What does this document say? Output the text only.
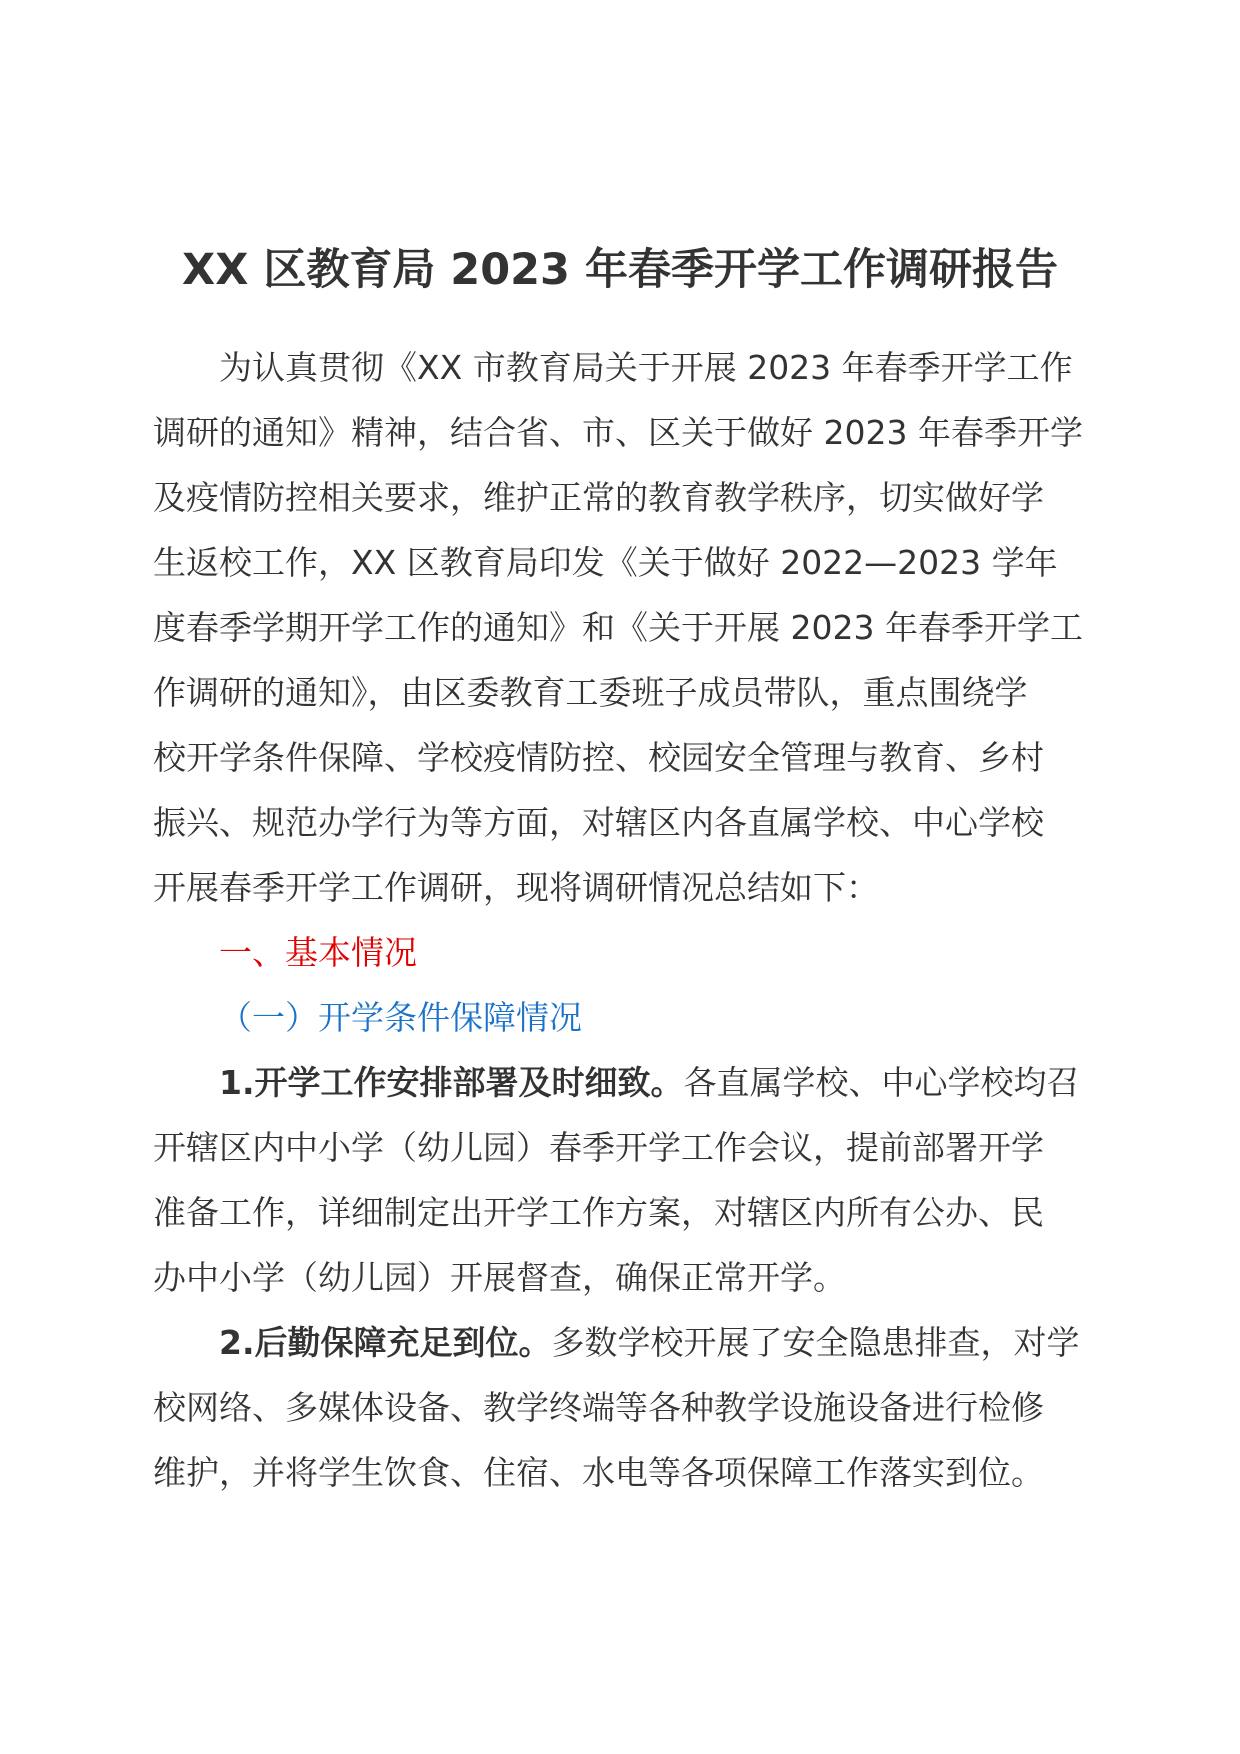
XX 区教育局 2023 年春季开学工作调研报告

为认真贯彻《XX 市教育局关于开展 2023 年春季开学工作
调研的通知》精神，结合省、市、区关于做好 2023 年春季开学
及疫情防控相关要求，维护正常的教育教学秩序，切实做好学
生返校工作，XX 区教育局印发《关于做好 2022—2023 学年
度春季学期开学工作的通知》和《关于开展 2023 年春季开学工
作调研的通知》，由区委教育工委班子成员带队，重点围绕学
校开学条件保障、学校疫情防控、校园安全管理与教育、乡村
振兴、规范办学行为等方面，对辖区内各直属学校、中心学校
开展春季开学工作调研，现将调研情况总结如下：

一、基本情况

（一）开学条件保障情况

1.开学工作安排部署及时细致。各直属学校、中心学校均召
开辖区内中小学（幼儿园）春季开学工作会议，提前部署开学
准备工作，详细制定出开学工作方案，对辖区内所有公办、民
办中小学（幼儿园）开展督查，确保正常开学。

2.后勤保障充足到位。多数学校开展了安全隐患排查，对学
校网络、多媒体设备、教学终端等各种教学设施设备进行检修
维护，并将学生饮食、住宿、水电等各项保障工作落实到位。
